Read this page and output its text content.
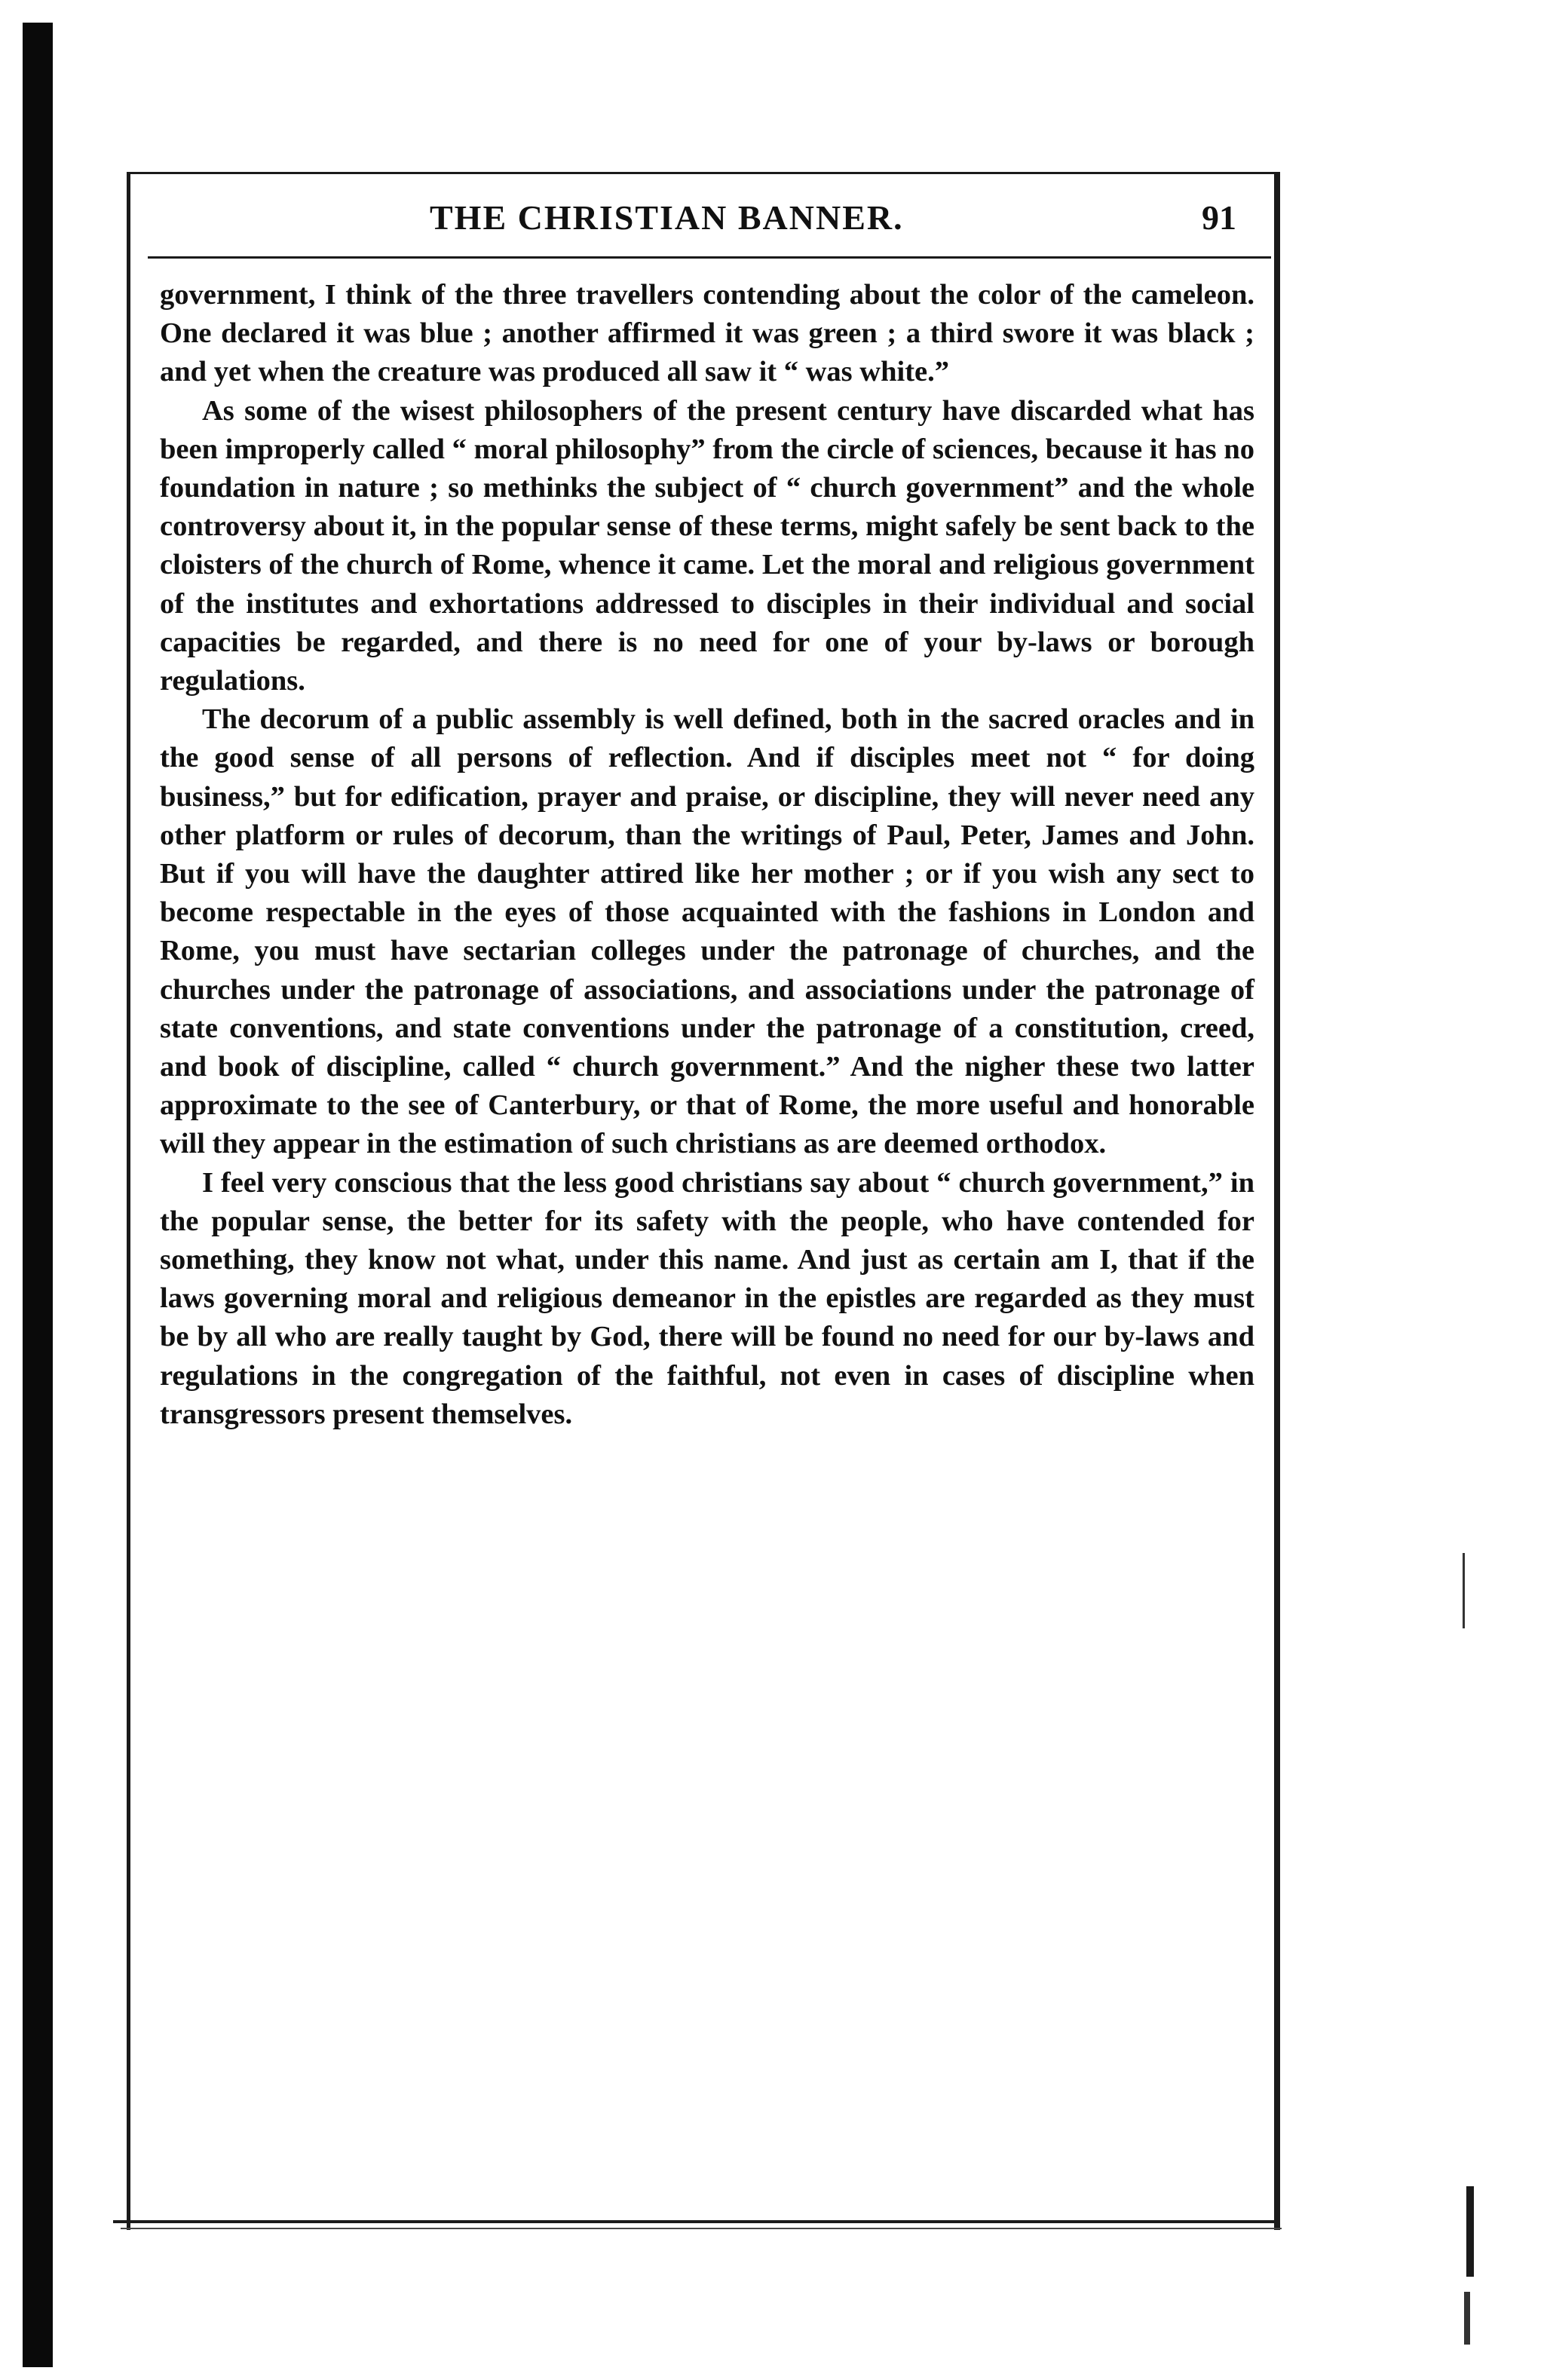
THE CHRISTIAN BANNER.	91

government, I think of the three travellers contending about the color of the cameleon. One declared it was blue ; another affirmed it was green ; a third swore it was black ; and yet when the creature was produced all saw it “ was white.”

As some of the wisest philosophers of the present century have discarded what has been improperly called “ moral philosophy” from the circle of sciences, because it has no foundation in nature ; so methinks the subject of “ church government” and the whole controversy about it, in the popular sense of these terms, might safely be sent back to the cloisters of the church of Rome, whence it came. Let the moral and religious government of the institutes and exhortations addressed to disciples in their individual and social capacities be regarded, and there is no need for one of your by-laws or borough regulations.

The decorum of a public assembly is well defined, both in the sacred oracles and in the good sense of all persons of reflection. And if disciples meet not “ for doing business,” but for edification, prayer and praise, or discipline, they will never need any other platform or rules of decorum, than the writings of Paul, Peter, James and John. But if you will have the daughter attired like her mother ; or if you wish any sect to become respectable in the eyes of those acquainted with the fashions in London and Rome, you must have sectarian colleges under the patronage of churches, and the churches under the patronage of associations, and associations under the patronage of state conventions, and state conventions under the patronage of a constitution, creed, and book of discipline, called “ church government.” And the nigher these two latter approximate to the see of Canterbury, or that of Rome, the more useful and honorable will they appear in the estimation of such christians as are deemed orthodox.

I feel very conscious that the less good christians say about “ church government,” in the popular sense, the better for its safety with the people, who have contended for something, they know not what, under this name. And just as certain am I, that if the laws governing moral and religious demeanor in the epistles are regarded as they must be by all who are really taught by God, there will be found no need for our by-laws and regulations in the congregation of the faithful, not even in cases of discipline when transgressors present themselves.
